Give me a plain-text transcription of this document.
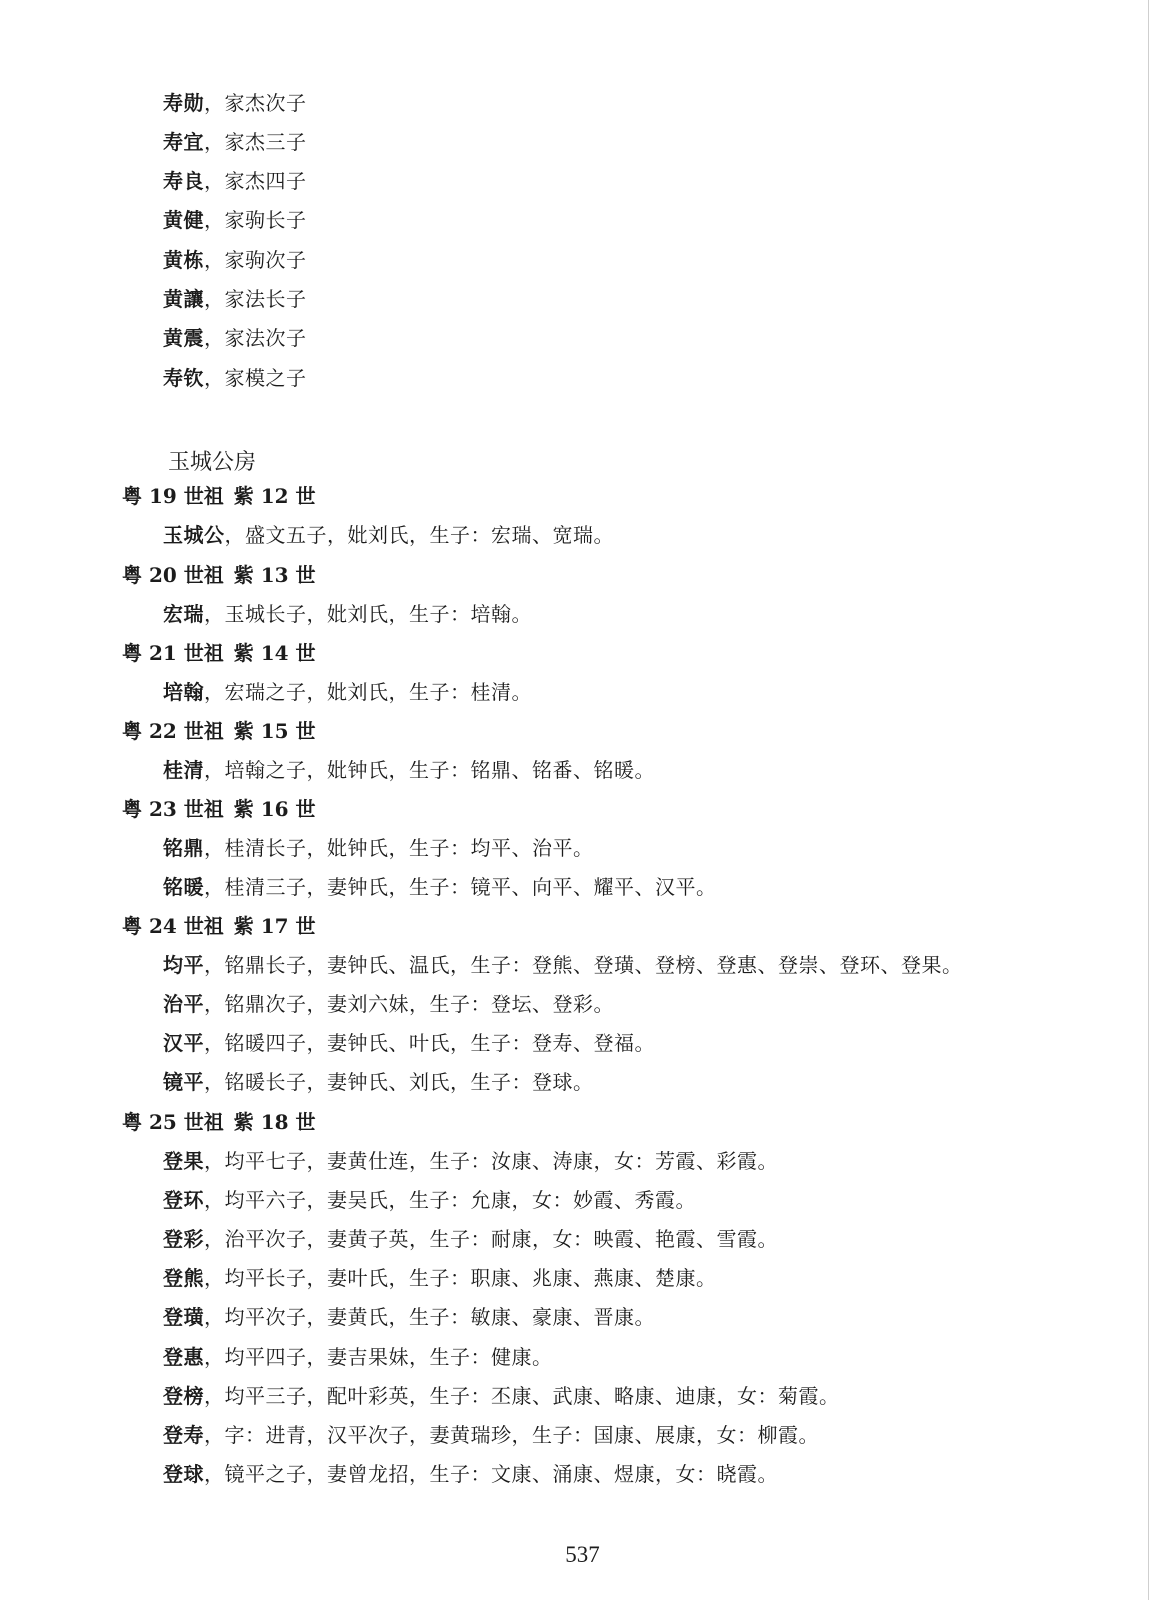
寿勋，家杰次子
寿宜，家杰三子
寿良，家杰四子
黄健，家驹长子
黄栋，家驹次子
黄讓，家法长子
黄震，家法次子
寿钦，家模之子
玉城公房
粤 19 世祖 紫 12 世
玉城公，盛文五子，妣刘氏，生子：宏瑞、宽瑞。
粤 20 世祖 紫 13 世
宏瑞，玉城长子，妣刘氏，生子：培翰。
粤 21 世祖 紫 14 世
培翰，宏瑞之子，妣刘氏，生子：桂清。
粤 22 世祖 紫 15 世
桂清，培翰之子，妣钟氏，生子：铭鼎、铭番、铭暖。
粤 23 世祖 紫 16 世
铭鼎，桂清长子，妣钟氏，生子：均平、治平。
铭暖，桂清三子，妻钟氏，生子：镜平、向平、耀平、汉平。
粤 24 世祖 紫 17 世
均平，铭鼎长子，妻钟氏、温氏，生子：登熊、登璜、登榜、登惠、登崇、登环、登果。
治平，铭鼎次子，妻刘六妹，生子：登坛、登彩。
汉平，铭暖四子，妻钟氏、叶氏，生子：登寿、登福。
镜平，铭暖长子，妻钟氏、刘氏，生子：登球。
粤 25 世祖 紫 18 世
登果，均平七子，妻黄仕连，生子：汝康、涛康，女：芳霞、彩霞。
登环，均平六子，妻吴氏，生子：允康，女：妙霞、秀霞。
登彩，治平次子，妻黄子英，生子：耐康，女：映霞、艳霞、雪霞。
登熊，均平长子，妻叶氏，生子：职康、兆康、燕康、楚康。
登璜，均平次子，妻黄氏，生子：敏康、豪康、晋康。
登惠，均平四子，妻吉果妹，生子：健康。
登榜，均平三子，配叶彩英，生子：丕康、武康、略康、迪康，女：菊霞。
登寿，字：进青，汉平次子，妻黄瑞珍，生子：国康、展康，女：柳霞。
登球，镜平之子，妻曾龙招，生子：文康、涌康、煜康，女：晓霞。
537
